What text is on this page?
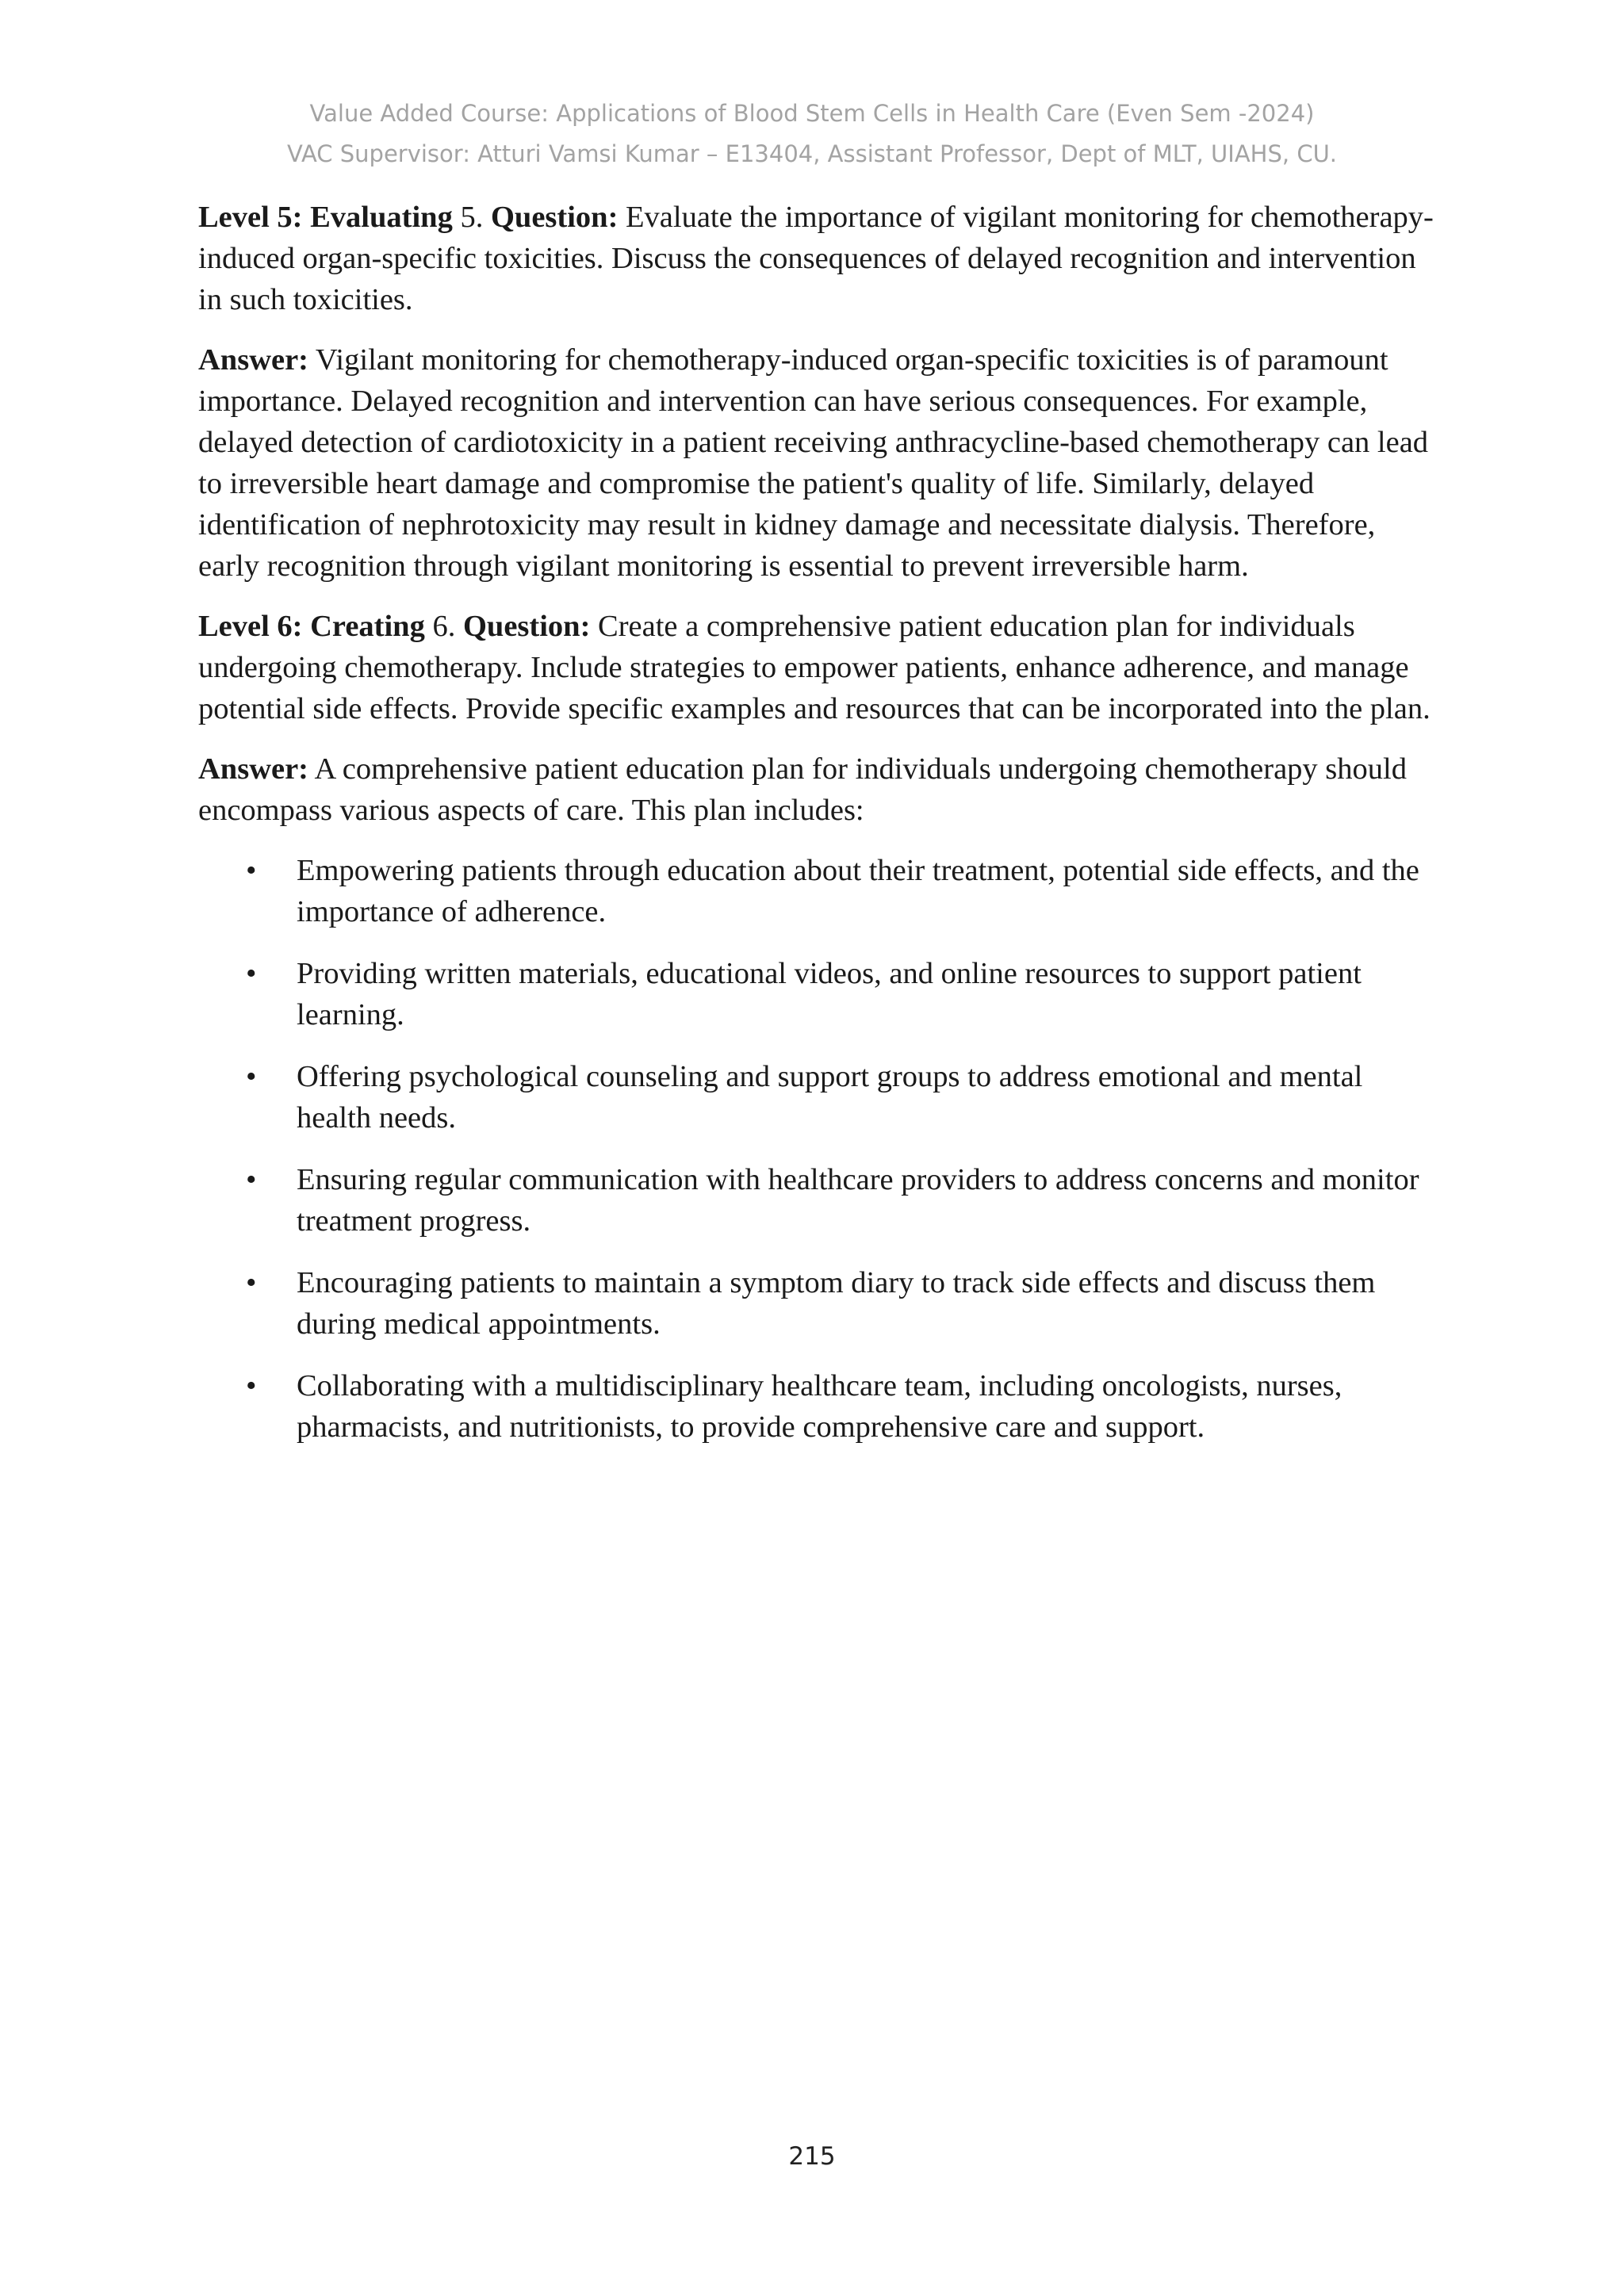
Value Added Course: Applications of Blood Stem Cells in Health Care (Even Sem -2024)
VAC Supervisor: Atturi Vamsi Kumar – E13404, Assistant Professor, Dept of MLT, UIAHS, CU.

Level 5: Evaluating 5. Question: Evaluate the importance of vigilant monitoring for chemotherapy-induced organ-specific toxicities. Discuss the consequences of delayed recognition and intervention in such toxicities.

Answer: Vigilant monitoring for chemotherapy-induced organ-specific toxicities is of paramount importance. Delayed recognition and intervention can have serious consequences. For example, delayed detection of cardiotoxicity in a patient receiving anthracycline-based chemotherapy can lead to irreversible heart damage and compromise the patient's quality of life. Similarly, delayed identification of nephrotoxicity may result in kidney damage and necessitate dialysis. Therefore, early recognition through vigilant monitoring is essential to prevent irreversible harm.

Level 6: Creating 6. Question: Create a comprehensive patient education plan for individuals undergoing chemotherapy. Include strategies to empower patients, enhance adherence, and manage potential side effects. Provide specific examples and resources that can be incorporated into the plan.

Answer: A comprehensive patient education plan for individuals undergoing chemotherapy should encompass various aspects of care. This plan includes:

• Empowering patients through education about their treatment, potential side effects, and the importance of adherence.
• Providing written materials, educational videos, and online resources to support patient learning.
• Offering psychological counseling and support groups to address emotional and mental health needs.
• Ensuring regular communication with healthcare providers to address concerns and monitor treatment progress.
• Encouraging patients to maintain a symptom diary to track side effects and discuss them during medical appointments.
• Collaborating with a multidisciplinary healthcare team, including oncologists, nurses, pharmacists, and nutritionists, to provide comprehensive care and support.
215
